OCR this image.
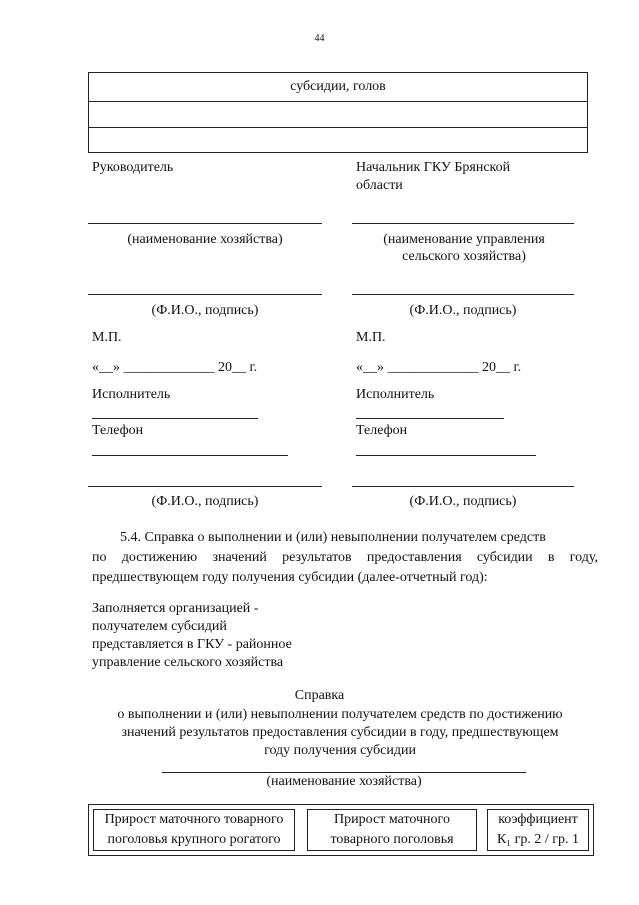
44
субсидии, голов
Руководитель
(наименование хозяйства)
(Ф.И.О., подпись)
М.П.
«__» _____________ 20__ г.
Исполнитель
Телефон
(Ф.И.О., подпись)
Начальник ГКУ Брянской
области
(наименование управления
сельского хозяйства)
(Ф.И.О., подпись)
М.П.
«__» _____________ 20__ г.
Исполнитель
Телефон
(Ф.И.О., подпись)
5.4. Справка о выполнении и (или) невыполнении получателем средств
по достижению значений результатов предоставления субсидии в году,
предшествующем году получения субсидии (далее-отчетный год):
Заполняется организацией -
получателем субсидий
представляется в ГКУ - районное
управление сельского хозяйства
Справка
о выполнении и (или) невыполнении получателем средств по достижению
значений результатов предоставления субсидии в году, предшествующем
году получения субсидии
(наименование хозяйства)
Прирост маточного товарного
поголовья крупного рогатого
Прирост маточного
товарного поголовья
коэффициент
К₁ гр. 2 / гр. 1
